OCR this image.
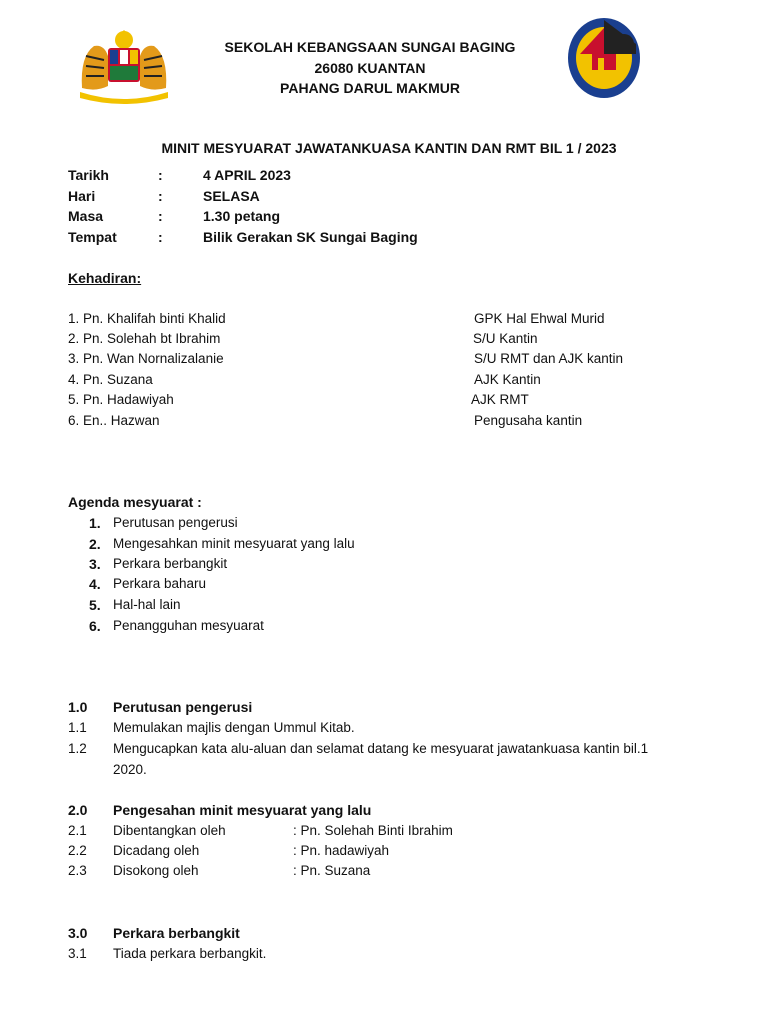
SEKOLAH KEBANGSAAN SUNGAI BAGING
26080 KUANTAN
PAHANG DARUL MAKMUR
MINIT MESYUARAT JAWATANKUASA KANTIN DAN RMT BIL 1 / 2023
Tarikh	:	4 APRIL 2023
Hari	:	SELASA
Masa	:	1.30 petang
Tempat	:	Bilik Gerakan SK Sungai Baging
Kehadiran:
1. Pn. Khalifah binti Khalid	GPK Hal Ehwal Murid
2. Pn. Solehah bt Ibrahim	S/U Kantin
3. Pn. Wan Nornalizalanie	S/U RMT dan AJK kantin
4. Pn. Suzana	AJK Kantin
5. Pn. Hadawiyah	AJK RMT
6. En.. Hazwan	Pengusaha kantin
Agenda mesyuarat :
1. Perutusan pengerusi
2. Mengesahkan minit mesyuarat yang lalu
3. Perkara berbangkit
4. Perkara baharu
5. Hal-hal lain
6. Penangguhan mesyuarat
1.0 Perutusan pengerusi
1.1 Memulakan majlis dengan Ummul Kitab.
1.2 Mengucapkan kata alu-aluan dan selamat datang ke mesyuarat jawatankuasa kantin bil.1
2020.
2.0 Pengesahan minit mesyuarat yang lalu
2.1 Dibentangkan oleh	: Pn. Solehah Binti Ibrahim
2.2 Dicadang oleh	: Pn. hadawiyah
2.3 Disokong oleh	: Pn. Suzana
3.0 Perkara berbangkit
3.1 Tiada perkara berbangkit.
